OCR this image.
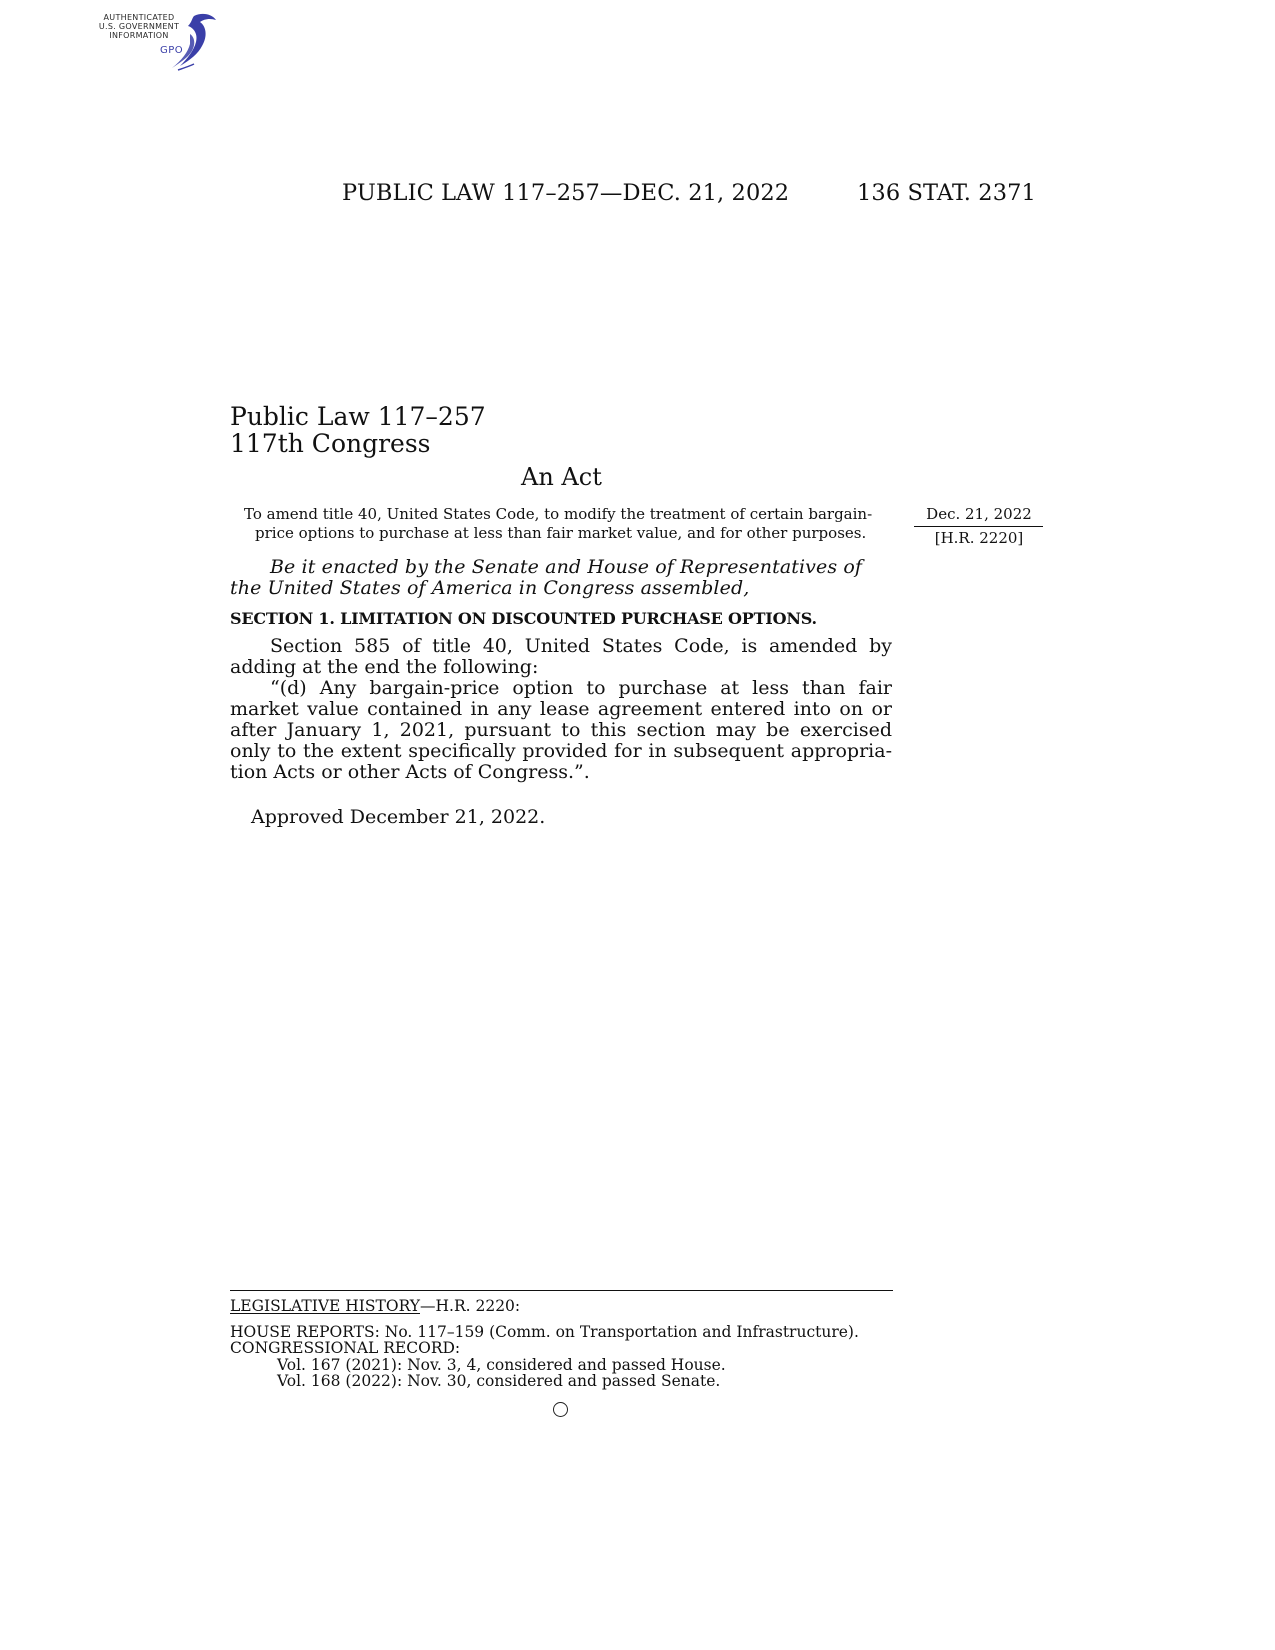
AUTHENTICATED
U.S. GOVERNMENT
INFORMATION
GPO
PUBLIC LAW 117–257—DEC. 21, 2022	136 STAT. 2371
Public Law 117–257
117th Congress
An Act
To amend title 40, United States Code, to modify the treatment of certain bargain-
price options to purchase at less than fair market value, and for other purposes.
Dec. 21, 2022
[H.R. 2220]
Be it enacted by the Senate and House of Representatives of
the United States of America in Congress assembled,
SECTION 1. LIMITATION ON DISCOUNTED PURCHASE OPTIONS.

Section 585 of title 40, United States Code, is amended by adding at the end the following:

“(d) Any bargain-price option to purchase at less than fair market value contained in any lease agreement entered into on or after January 1, 2021, pursuant to this section may be exercised only to the extent specifically provided for in subsequent appropria-tion Acts or other Acts of Congress.”.

Approved December 21, 2022.
LEGISLATIVE HISTORY—H.R. 2220:
HOUSE REPORTS: No. 117–159 (Comm. on Transportation and Infrastructure).
CONGRESSIONAL RECORD:
Vol. 167 (2021): Nov. 3, 4, considered and passed House.
Vol. 168 (2022): Nov. 30, considered and passed Senate.
